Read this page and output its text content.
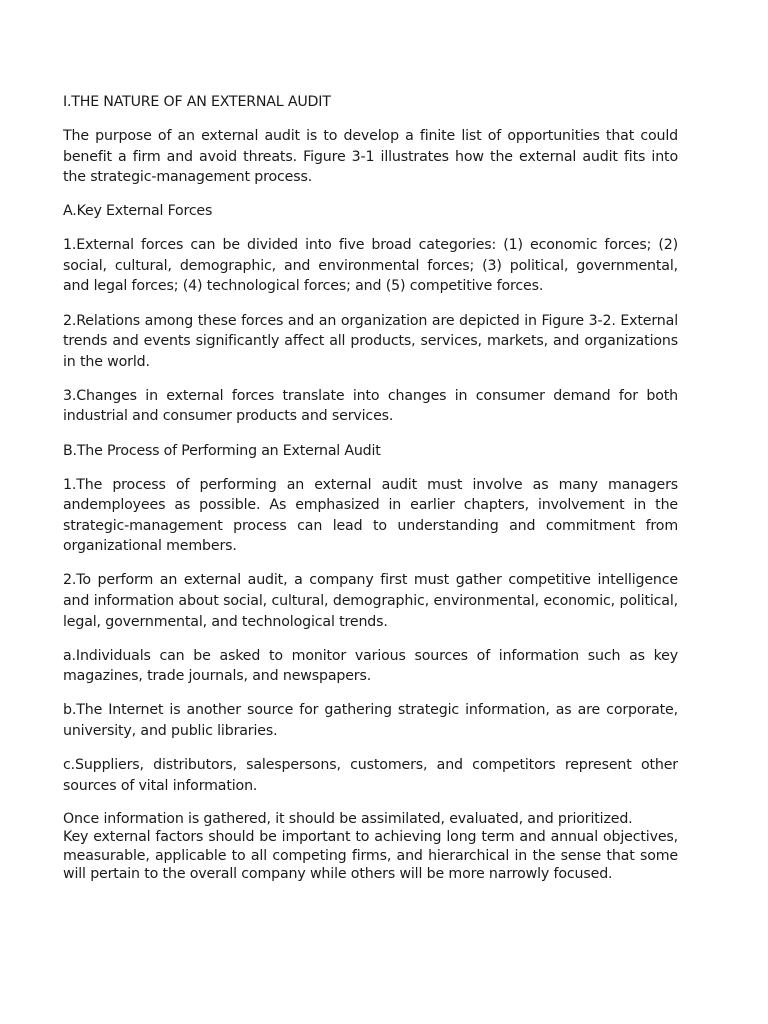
I.THE NATURE OF AN EXTERNAL AUDIT

The purpose of an external audit is to develop a finite list of opportunities that could benefit a firm and avoid threats. Figure 3-1 illustrates how the external audit fits into the strategic-management process.

A.Key External Forces

1.External forces can be divided into five broad categories: (1) economic forces; (2) social, cultural, demographic, and environmental forces; (3) political, governmental, and legal forces; (4) technological forces; and (5) competitive forces.

2.Relations among these forces and an organization are depicted in Figure 3-2. External trends and events significantly affect all products, services, markets, and organizations in the world.

3.Changes in external forces translate into changes in consumer demand for both industrial and consumer products and services.

B.The Process of Performing an External Audit

1.The process of performing an external audit must involve as many managers andemployees as possible. As emphasized in earlier chapters, involvement in the strategic-management process can lead to understanding and commitment from organizational members.

2.To perform an external audit, a company first must gather competitive intelligence and information about social, cultural, demographic, environmental, economic, political, legal, governmental, and technological trends.

a.Individuals can be asked to monitor various sources of information such as key magazines, trade journals, and newspapers.

b.The Internet is another source for gathering strategic information, as are corporate, university, and public libraries.

c.Suppliers, distributors, salespersons, customers, and competitors represent other sources of vital information.

Once information is gathered, it should be assimilated, evaluated, and prioritized.

Key external factors should be important to achieving long term and annual objectives, measurable, applicable to all competing firms, and hierarchical in the sense that some will pertain to the overall company while others will be more narrowly focused.
